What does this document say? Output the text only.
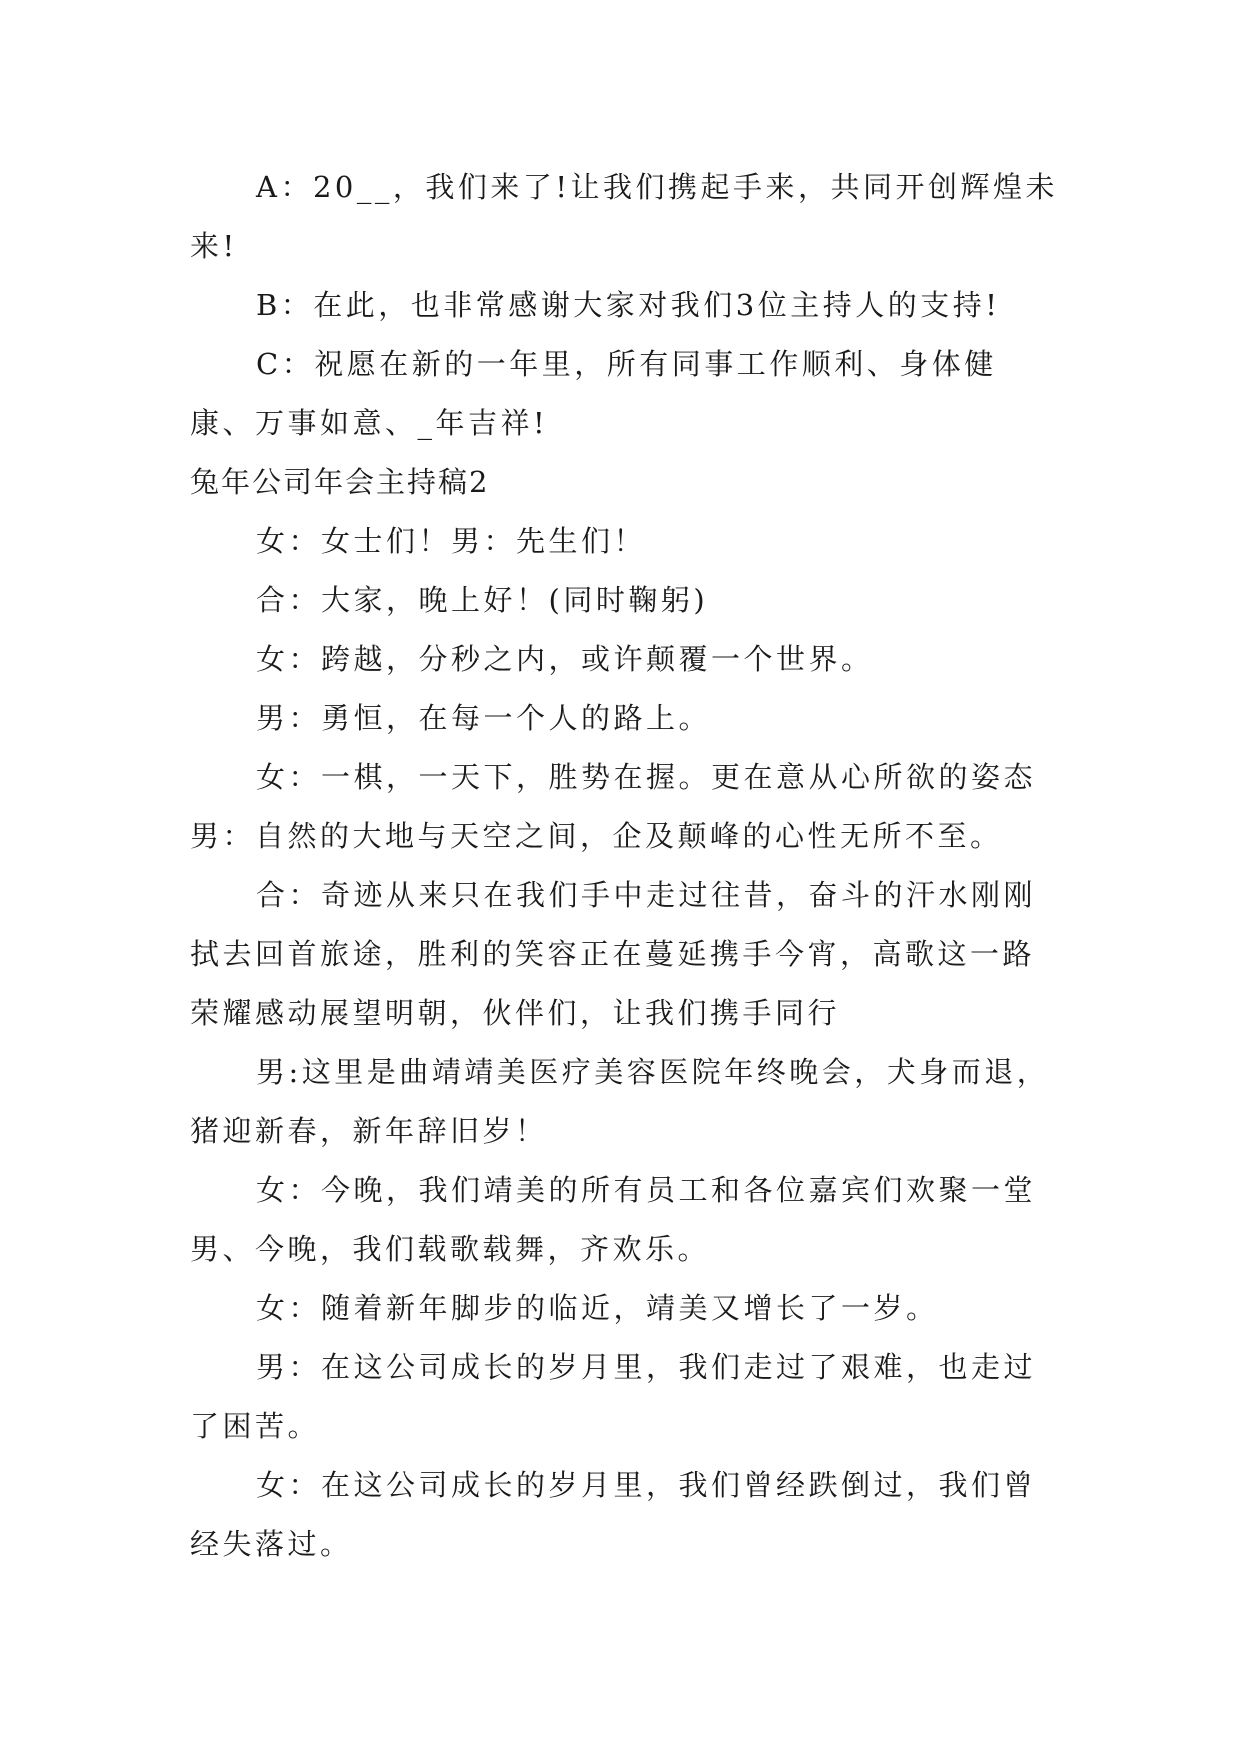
A：20__，我们来了!让我们携起手来，共同开创辉煌未来!

B：在此，也非常感谢大家对我们3位主持人的支持!

C：祝愿在新的一年里，所有同事工作顺利、身体健康、万事如意、_年吉祥!

兔年公司年会主持稿2

女：女士们！男：先生们！

合：大家，晚上好！(同时鞠躬)

女：跨越，分秒之内，或许颠覆一个世界。

男：勇恒，在每一个人的路上。

女：一棋，一天下，胜势在握。更在意从心所欲的姿态

男：自然的大地与天空之间，企及颠峰的心性无所不至。

合：奇迹从来只在我们手中走过往昔，奋斗的汗水刚刚拭去回首旅途，胜利的笑容正在蔓延携手今宵，高歌这一路荣耀感动展望明朝，伙伴们，让我们携手同行

男:这里是曲靖靖美医疗美容医院年终晚会，犬身而退，猪迎新春，新年辞旧岁！

女：今晚，我们靖美的所有员工和各位嘉宾们欢聚一堂

男、今晚，我们载歌载舞，齐欢乐。

女：随着新年脚步的临近，靖美又增长了一岁。

男：在这公司成长的岁月里，我们走过了艰难，也走过了困苦。

女：在这公司成长的岁月里，我们曾经跌倒过，我们曾经失落过。
